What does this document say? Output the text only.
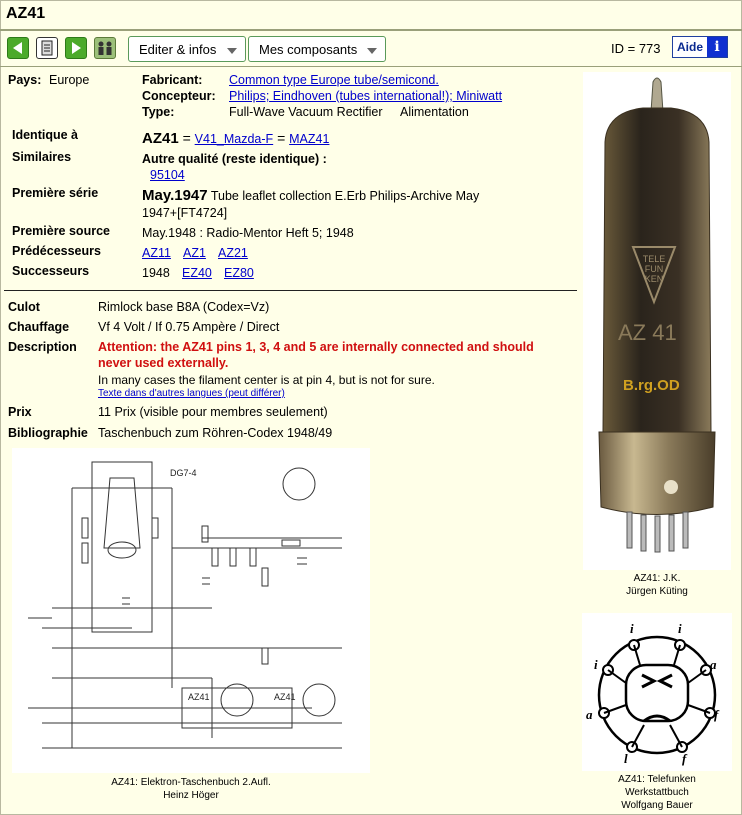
AZ41
Editer & infos	Mes composants	ID = 773 Aide i
Pays: Europe	Fabricant: Common type Europe tube/semicond.
Concepteur: Philips; Eindhoven (tubes international!); Miniwatt
Type:	Full-Wave Vacuum Rectifier Alimentation
Identique à	AZ41 = V41_Mazda-F = MAZ41
Similaires	Autre qualité (reste identique) :
95104
Première série	May.1947 Tube leaflet collection E.Erb Philips-Archive May
1947+[FT4724]
Première source	May.1948 : Radio-Mentor Heft 5; 1948
Prédécesseurs	AZ11 AZ1 AZ21
Successeurs	1948 EZ40 EZ80
Culot	Rimlock base B8A (Codex=Vz)
Chauffage Vf 4 Volt / If 0.75 Ampère / Direct
Description Attention: the AZ41 pins 1, 3, 4 and 5 are internally connected and should
never used externally.
In many cases the filament center is at pin 4, but is not for sure.
Texte dans d'autres langues (peut différer)
Prix	11 Prix (visible pour membres seulement)
Bibliographie Taschenbuch zum Röhren-Codex 1948/49
TELE
FUN
KEN
AZ 41
B.rg.OD
AZ41: J.K.
Jürgen Küting
i	i
i	a
a	f
l	f
AZ41: Telefunken
Werkstattbuch
Wolfgang Bauer
DG7-4
AZ41	AZ41
AZ41: Elektron-Taschenbuch 2.Aufl.
Heinz Höger
